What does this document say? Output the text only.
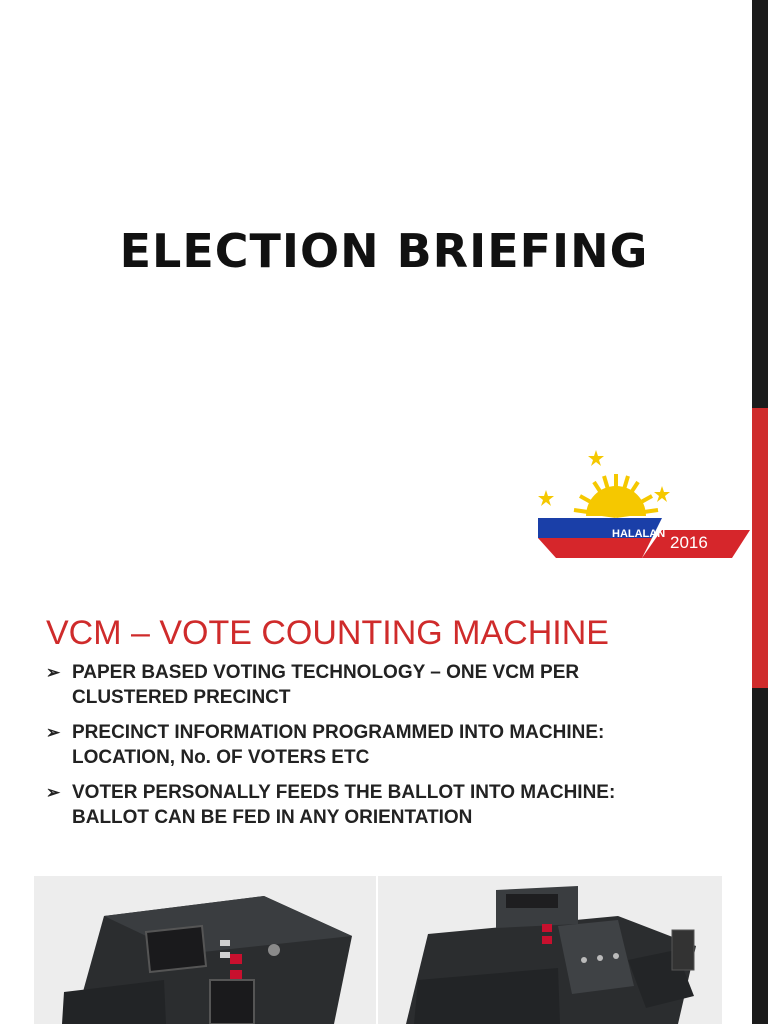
ELECTION BRIEFING
HALALAN 2016
VCM – VOTE COUNTING MACHINE
➢ PAPER BASED VOTING TECHNOLOGY – ONE VCM PER
CLUSTERED PRECINCT
➢ PRECINCT INFORMATION PROGRAMMED INTO MACHINE:
LOCATION, No. OF VOTERS ETC
➢ VOTER PERSONALLY FEEDS THE BALLOT INTO MACHINE:
BALLOT CAN BE FED IN ANY ORIENTATION
